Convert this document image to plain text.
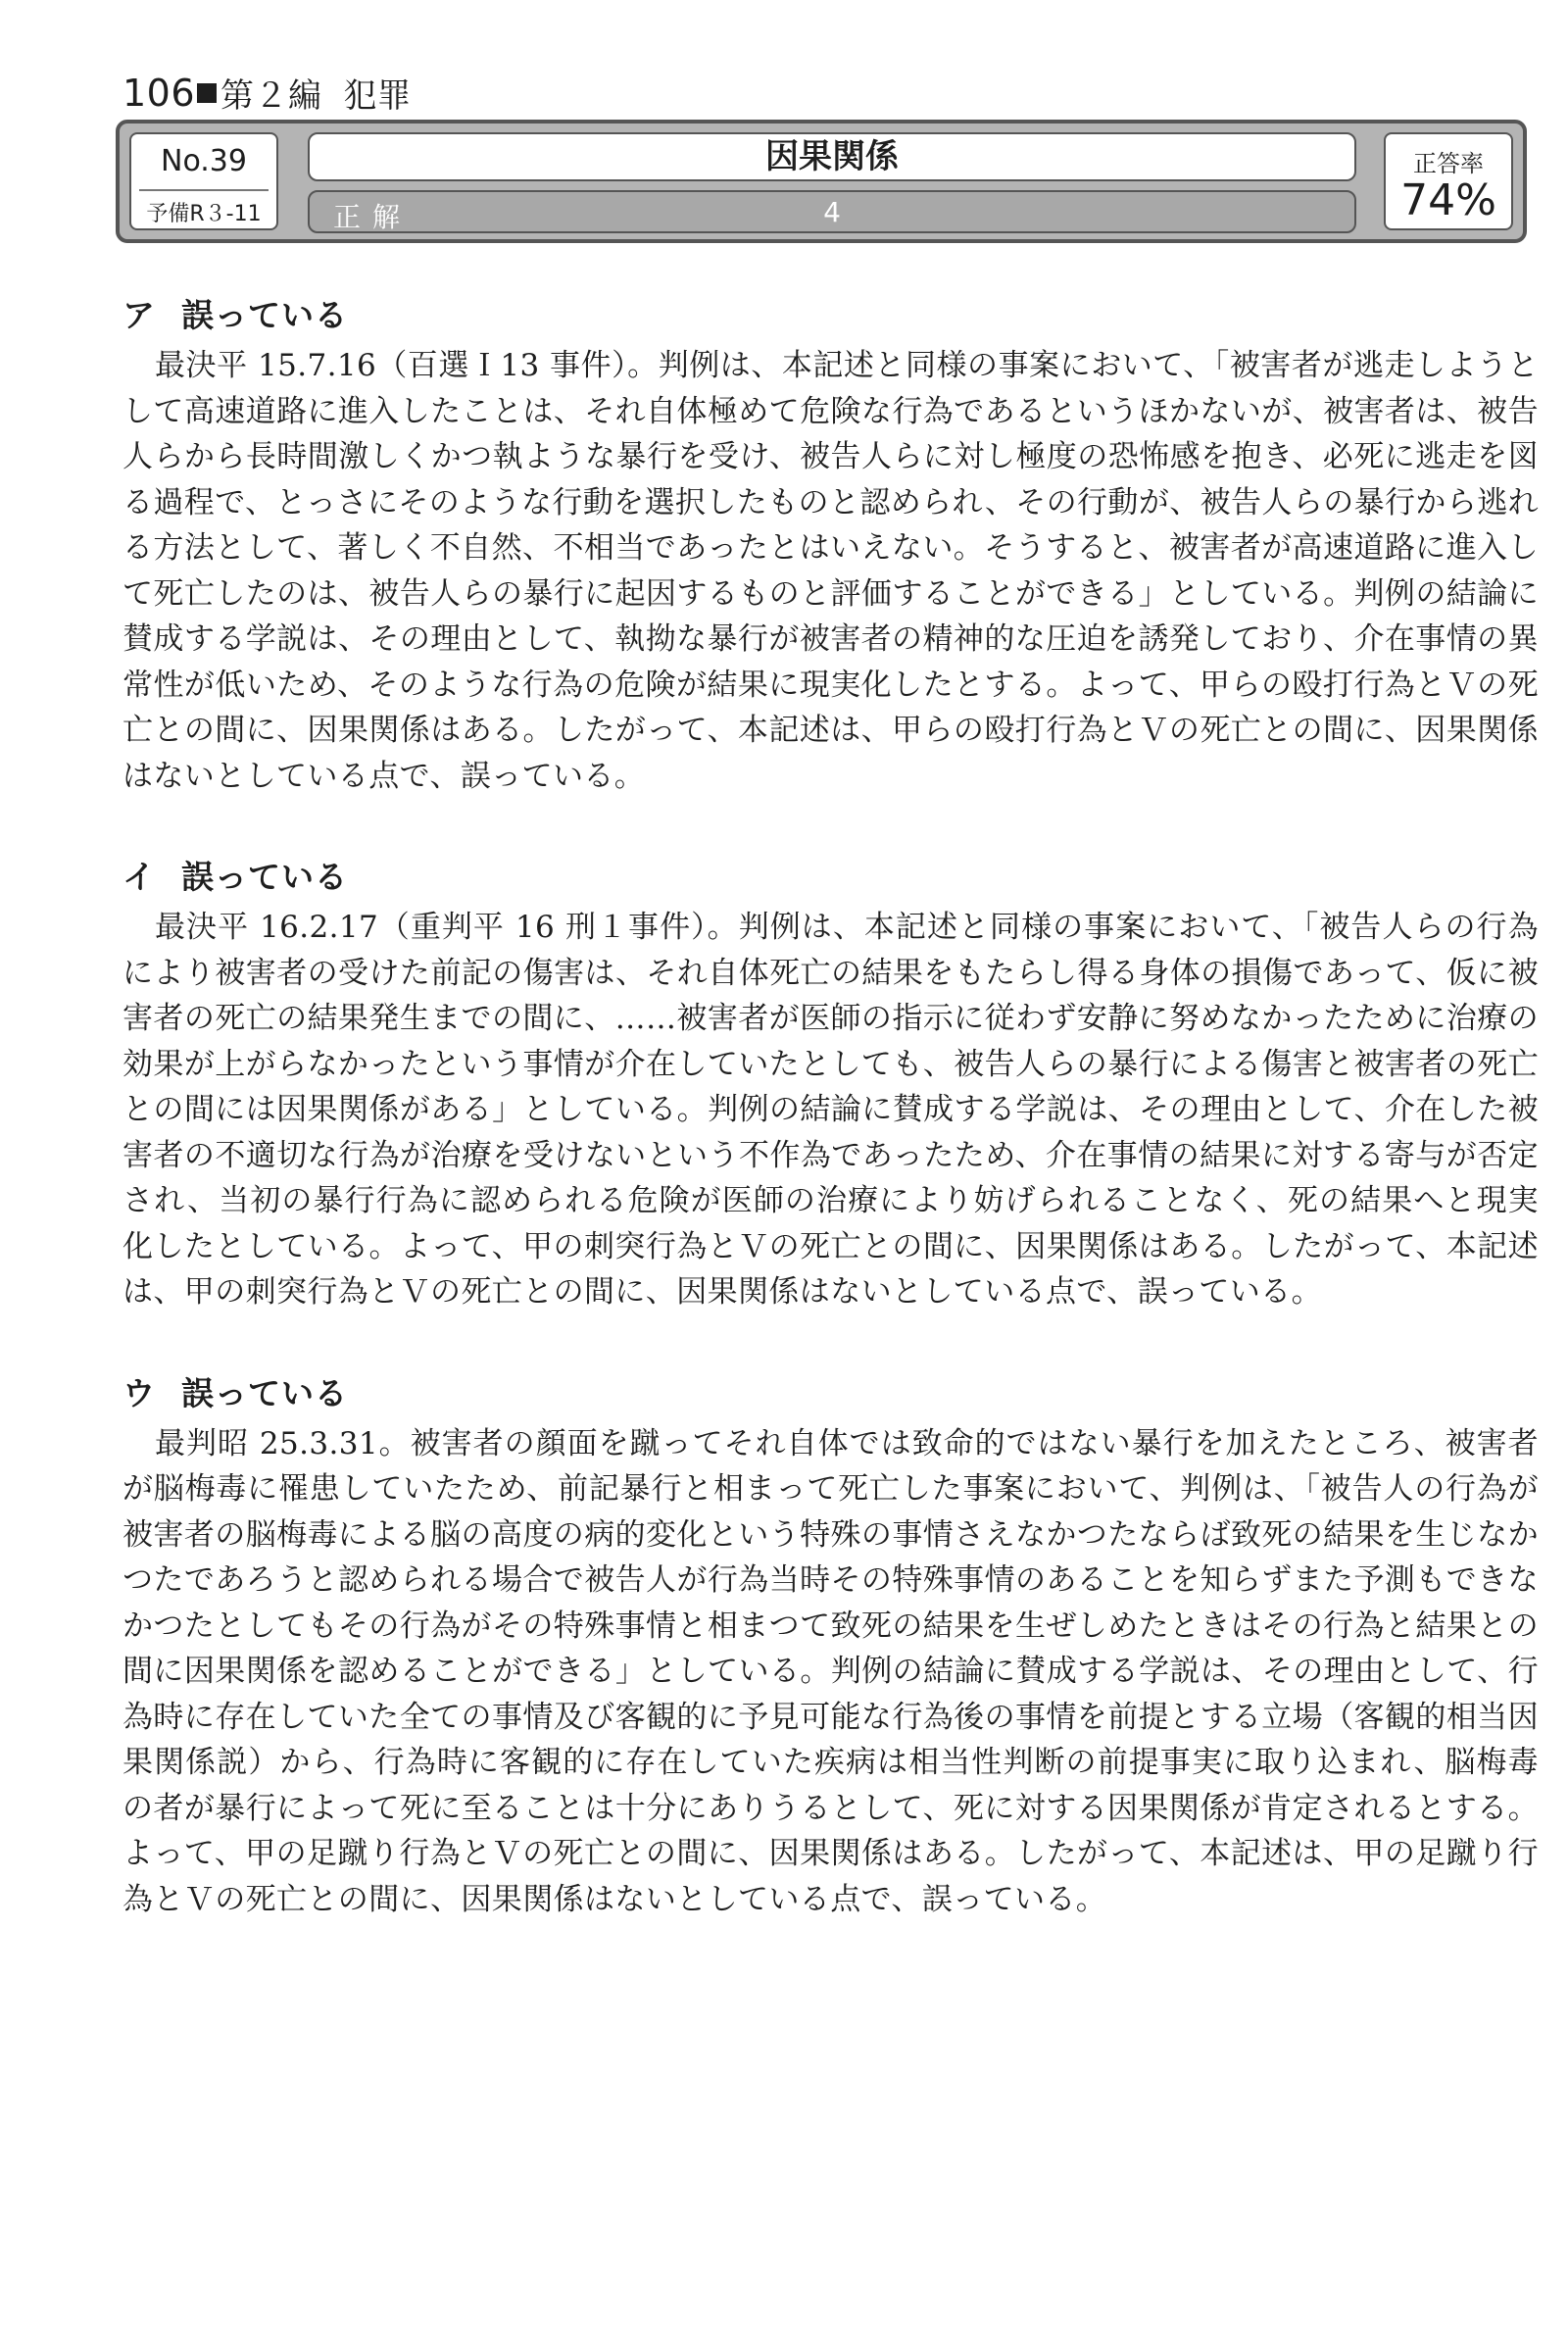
106 第２編 犯罪
No.39
予備R３-11
因果関係
正解	4
正答率
74%
ア 誤っている

最決平 15.7.16（百選Ｉ13 事件）。判例は、本記述と同様の事案において、「被害者が逃走しようとして高速道路に進入したことは、それ自体極めて危険な行為であるというほかないが、被害者は、被告人らから長時間激しくかつ執ような暴行を受け、被告人らに対し極度の恐怖感を抱き、必死に逃走を図る過程で、とっさにそのような行動を選択したものと認められ、その行動が、被告人らの暴行から逃れる方法として、著しく不自然、不相当であったとはいえない。そうすると、被害者が高速道路に進入して死亡したのは、被告人らの暴行に起因するものと評価することができる」としている。判例の結論に賛成する学説は、その理由として、執拗な暴行が被害者の精神的な圧迫を誘発しており、介在事情の異常性が低いため、そのような行為の危険が結果に現実化したとする。よって、甲らの殴打行為とＶの死亡との間に、因果関係はある。したがって、本記述は、甲らの殴打行為とＶの死亡との間に、因果関係はないとしている点で、誤っている。

イ 誤っている

最決平 16.2.17（重判平 16 刑１事件）。判例は、本記述と同様の事案において、「被告人らの行為により被害者の受けた前記の傷害は、それ自体死亡の結果をもたらし得る身体の損傷であって、仮に被害者の死亡の結果発生までの間に、……被害者が医師の指示に従わず安静に努めなかったために治療の効果が上がらなかったという事情が介在していたとしても、被告人らの暴行による傷害と被害者の死亡との間には因果関係がある」としている。判例の結論に賛成する学説は、その理由として、介在した被害者の不適切な行為が治療を受けないという不作為であったため、介在事情の結果に対する寄与が否定され、当初の暴行行為に認められる危険が医師の治療により妨げられることなく、死の結果へと現実化したとしている。よって、甲の刺突行為とＶの死亡との間に、因果関係はある。したがって、本記述は、甲の刺突行為とＶの死亡との間に、因果関係はないとしている点で、誤っている。

ウ 誤っている

最判昭 25.3.31。被害者の顔面を蹴ってそれ自体では致命的ではない暴行を加えたところ、被害者が脳梅毒に罹患していたため、前記暴行と相まって死亡した事案において、判例は、「被告人の行為が被害者の脳梅毒による脳の高度の病的変化という特殊の事情さえなかつたならば致死の結果を生じなかつたであろうと認められる場合で被告人が行為当時その特殊事情のあることを知らずまた予測もできなかつたとしてもその行為がその特殊事情と相まつて致死の結果を生ぜしめたときはその行為と結果との間に因果関係を認めることができる」としている。判例の結論に賛成する学説は、その理由として、行為時に存在していた全ての事情及び客観的に予見可能な行為後の事情を前提とする立場（客観的相当因果関係説）から、行為時に客観的に存在していた疾病は相当性判断の前提事実に取り込まれ、脳梅毒の者が暴行によって死に至ることは十分にありうるとして、死に対する因果関係が肯定されるとする。よって、甲の足蹴り行為とＶの死亡との間に、因果関係はある。したがって、本記述は、甲の足蹴り行為とＶの死亡との間に、因果関係はないとしている点で、誤っている。
